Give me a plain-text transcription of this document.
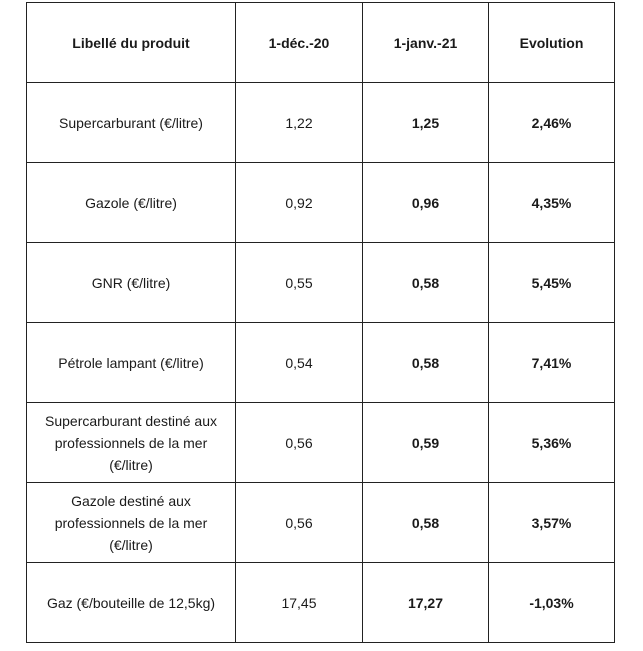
Libellé du produit	1-déc.-20	1-janv.-21	Evolution
Supercarburant (€/litre)	1,22	1,25	2,46%
Gazole (€/litre)	0,92	0,96	4,35%
GNR (€/litre)	0,55	0,58	5,45%
Pétrole lampant (€/litre)	0,54	0,58	7,41%
Supercarburant destiné aux professionnels de la mer (€/litre)	0,56	0,59	5,36%
Gazole destiné aux professionnels de la mer (€/litre)	0,56	0,58	3,57%
Gaz (€/bouteille de 12,5kg)	17,45	17,27	-1,03%
